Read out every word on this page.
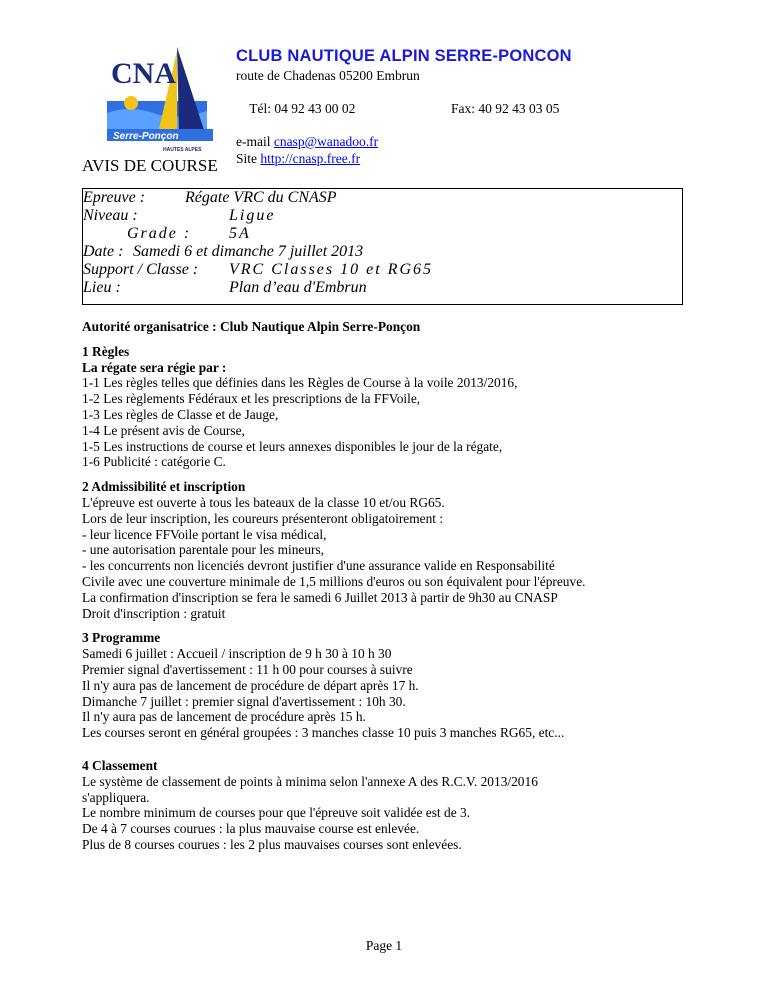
CNA
Serre-Ponçon
HAUTES ALPES
CLUB NAUTIQUE ALPIN SERRE-PONCON
route de Chadenas 05200 Embrun

Tél: 04 92 43 00 02	Fax: 40 92 43 03 05

e-mail cnasp@wanadoo.fr
Site http://cnasp.free.fr
AVIS DE COURSE
Epreuve : Régate VRC du CNASP
Niveau :	Ligue
Grade : 5A
Date : Samedi 6 et dimanche 7 juillet 2013
Support / Classe : VRC Classes 10 et RG65
Lieu :	Plan d’eau d'Embrun
Autorité organisatrice : Club Nautique Alpin Serre-Ponçon
1 Règles
La régate sera régie par :
1-1 Les règles telles que définies dans les Règles de Course à la voile 2013/2016,
1-2 Les règlements Fédéraux et les prescriptions de la FFVoile,
1-3 Les règles de Classe et de Jauge,
1-4 Le présent avis de Course,
1-5 Les instructions de course et leurs annexes disponibles le jour de la régate,
1-6 Publicité : catégorie C.
2 Admissibilité et inscription
L'épreuve est ouverte à tous les bateaux de la classe 10 et/ou RG65.
Lors de leur inscription, les coureurs présenteront obligatoirement :
- leur licence FFVoile portant le visa médical,
- une autorisation parentale pour les mineurs,
- les concurrents non licenciés devront justifier d'une assurance valide en Responsabilité
Civile avec une couverture minimale de 1,5 millions d'euros ou son équivalent pour l'épreuve.
La confirmation d'inscription se fera le samedi 6 Juillet 2013 à partir de 9h30 au CNASP
Droit d'inscription : gratuit
3 Programme
Samedi 6 juillet : Accueil / inscription de 9 h 30 à 10 h 30
Premier signal d'avertissement : 11 h 00 pour courses à suivre
Il n'y aura pas de lancement de procédure de départ après 17 h.
Dimanche 7 juillet : premier signal d'avertissement : 10h 30.
Il n'y aura pas de lancement de procédure après 15 h.
Les courses seront en général groupées : 3 manches classe 10 puis 3 manches RG65, etc...
4 Classement
Le système de classement de points à minima selon l'annexe A des R.C.V. 2013/2016
s'appliquera.
Le nombre minimum de courses pour que l'épreuve soit validée est de 3.
De 4 à 7 courses courues : la plus mauvaise course est enlevée.
Plus de 8 courses courues : les 2 plus mauvaises courses sont enlevées.
Page 1
